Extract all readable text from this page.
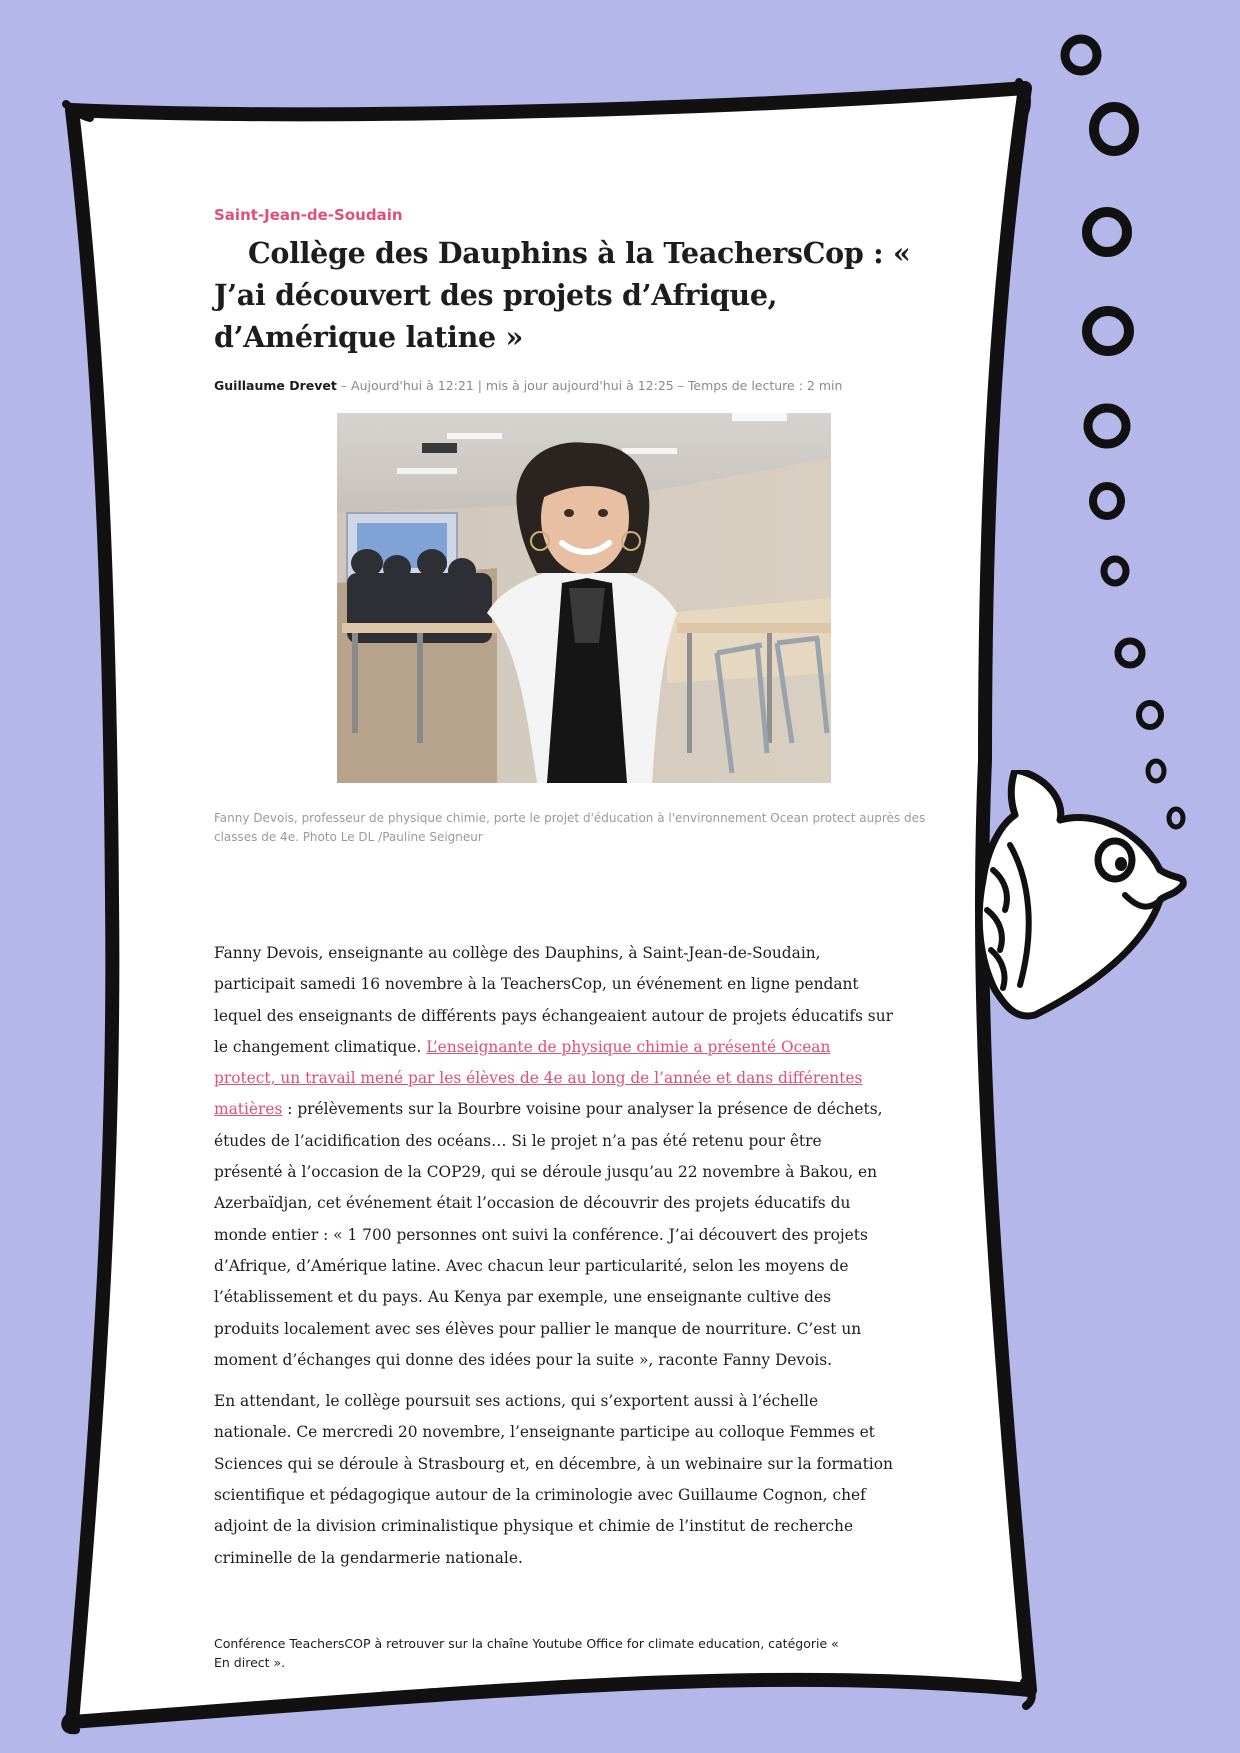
Saint-Jean-de-Soudain
Collège des Dauphins à la TeachersCop : « J’ai découvert des projets d’Afrique, d’Amérique latine »
Guillaume Drevet – Aujourd'hui à 12:21 | mis à jour aujourd'hui à 12:25 – Temps de lecture : 2 min
Fanny Devois, professeur de physique chimie, porte le projet d'éducation à l'environnement Ocean protect auprès des classes de 4e. Photo Le DL /Pauline Seigneur

Fanny Devois, enseignante au collège des Dauphins, à Saint-Jean-de-Soudain, participait samedi 16 novembre à la TeachersCop, un événement en ligne pendant lequel des enseignants de différents pays échangeaient autour de projets éducatifs sur le changement climatique. L’enseignante de physique chimie a présenté Ocean protect, un travail mené par les élèves de 4e au long de l’année et dans différentes matières : prélèvements sur la Bourbre voisine pour analyser la présence de déchets, études de l’acidification des océans… Si le projet n’a pas été retenu pour être présenté à l’occasion de la COP29, qui se déroule jusqu’au 22 novembre à Bakou, en Azerbaïdjan, cet événement était l’occasion de découvrir des projets éducatifs du monde entier : « 1 700 personnes ont suivi la conférence. J’ai découvert des projets d’Afrique, d’Amérique latine. Avec chacun leur particularité, selon les moyens de l’établissement et du pays. Au Kenya par exemple, une enseignante cultive des produits localement avec ses élèves pour pallier le manque de nourriture. C’est un moment d’échanges qui donne des idées pour la suite », raconte Fanny Devois.

En attendant, le collège poursuit ses actions, qui s’exportent aussi à l’échelle nationale. Ce mercredi 20 novembre, l’enseignante participe au colloque Femmes et Sciences qui se déroule à Strasbourg et, en décembre, à un webinaire sur la formation scientifique et pédagogique autour de la criminologie avec Guillaume Cognon, chef adjoint de la division criminalistique physique et chimie de l’institut de recherche criminelle de la gendarmerie nationale.

Conférence TeachersCOP à retrouver sur la chaîne Youtube Office for climate education, catégorie « En direct ».
